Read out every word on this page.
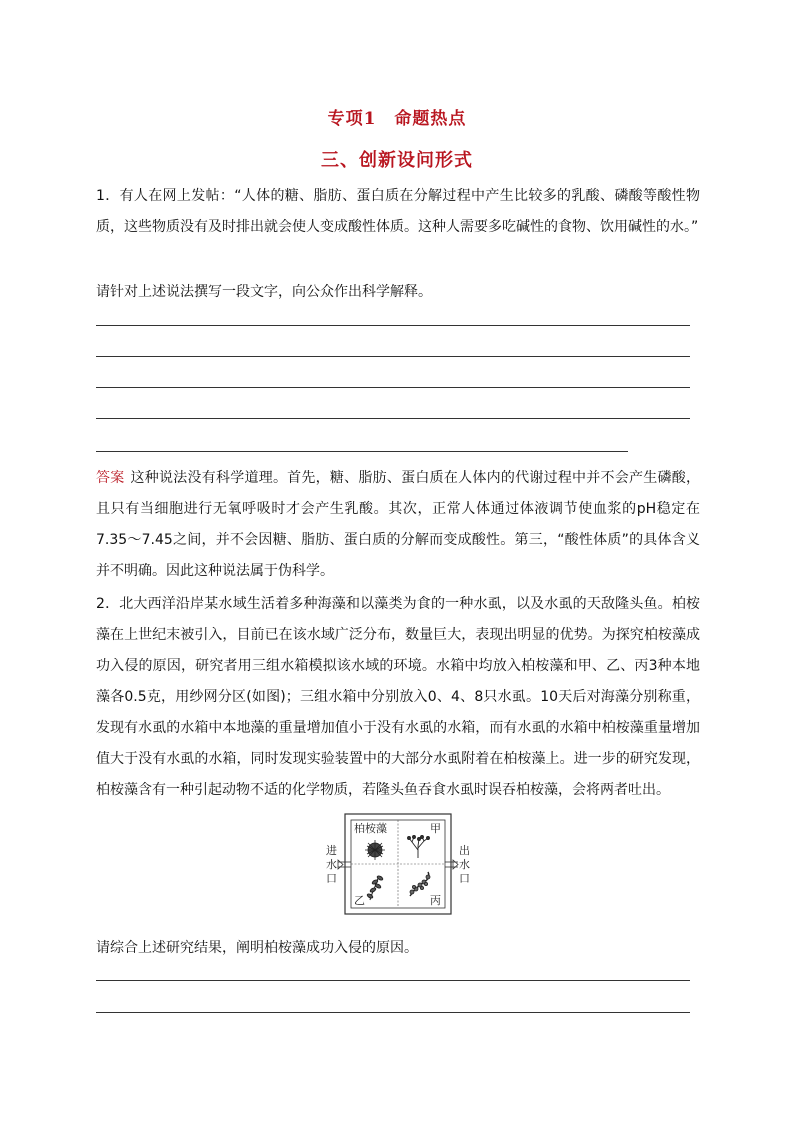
专项1　命题热点
三、创新设问形式
1．有人在网上发帖：“人体的糖、脂肪、蛋白质在分解过程中产生比较多的乳酸、磷酸等酸性物质，这些物质没有及时排出就会使人变成酸性体质。这种人需要多吃碱性的食物、饮用碱性的水。”
请针对上述说法撰写一段文字，向公众作出科学解释。
答案 这种说法没有科学道理。首先，糖、脂肪、蛋白质在人体内的代谢过程中并不会产生磷酸，且只有当细胞进行无氧呼吸时才会产生乳酸。其次，正常人体通过体液调节使血浆的pH稳定在7.35～7.45之间，并不会因糖、脂肪、蛋白质的分解而变成酸性。第三，“酸性体质”的具体含义并不明确。因此这种说法属于伪科学。
2．北大西洋沿岸某水域生活着多种海藻和以藻类为食的一种水虱，以及水虱的天敌隆头鱼。柏桉藻在上世纪末被引入，目前已在该水域广泛分布，数量巨大，表现出明显的优势。为探究柏桉藻成功入侵的原因，研究者用三组水箱模拟该水域的环境。水箱中均放入柏桉藻和甲、乙、丙3种本地藻各0.5克，用纱网分区(如图)；三组水箱中分别放入0、4、8只水虱。10天后对海藻分别称重，发现有水虱的水箱中本地藻的重量增加值小于没有水虱的水箱，而有水虱的水箱中柏桉藻重量增加值大于没有水虱的水箱，同时发现实验装置中的大部分水虱附着在柏桉藻上。进一步的研究发现，柏桉藻含有一种引起动物不适的化学物质，若隆头鱼吞食水虱时误吞柏桉藻，会将两者吐出。
进
水
口
出
水
口
柏桉藻	甲
乙	丙
请综合上述研究结果，阐明柏桉藻成功入侵的原因。
